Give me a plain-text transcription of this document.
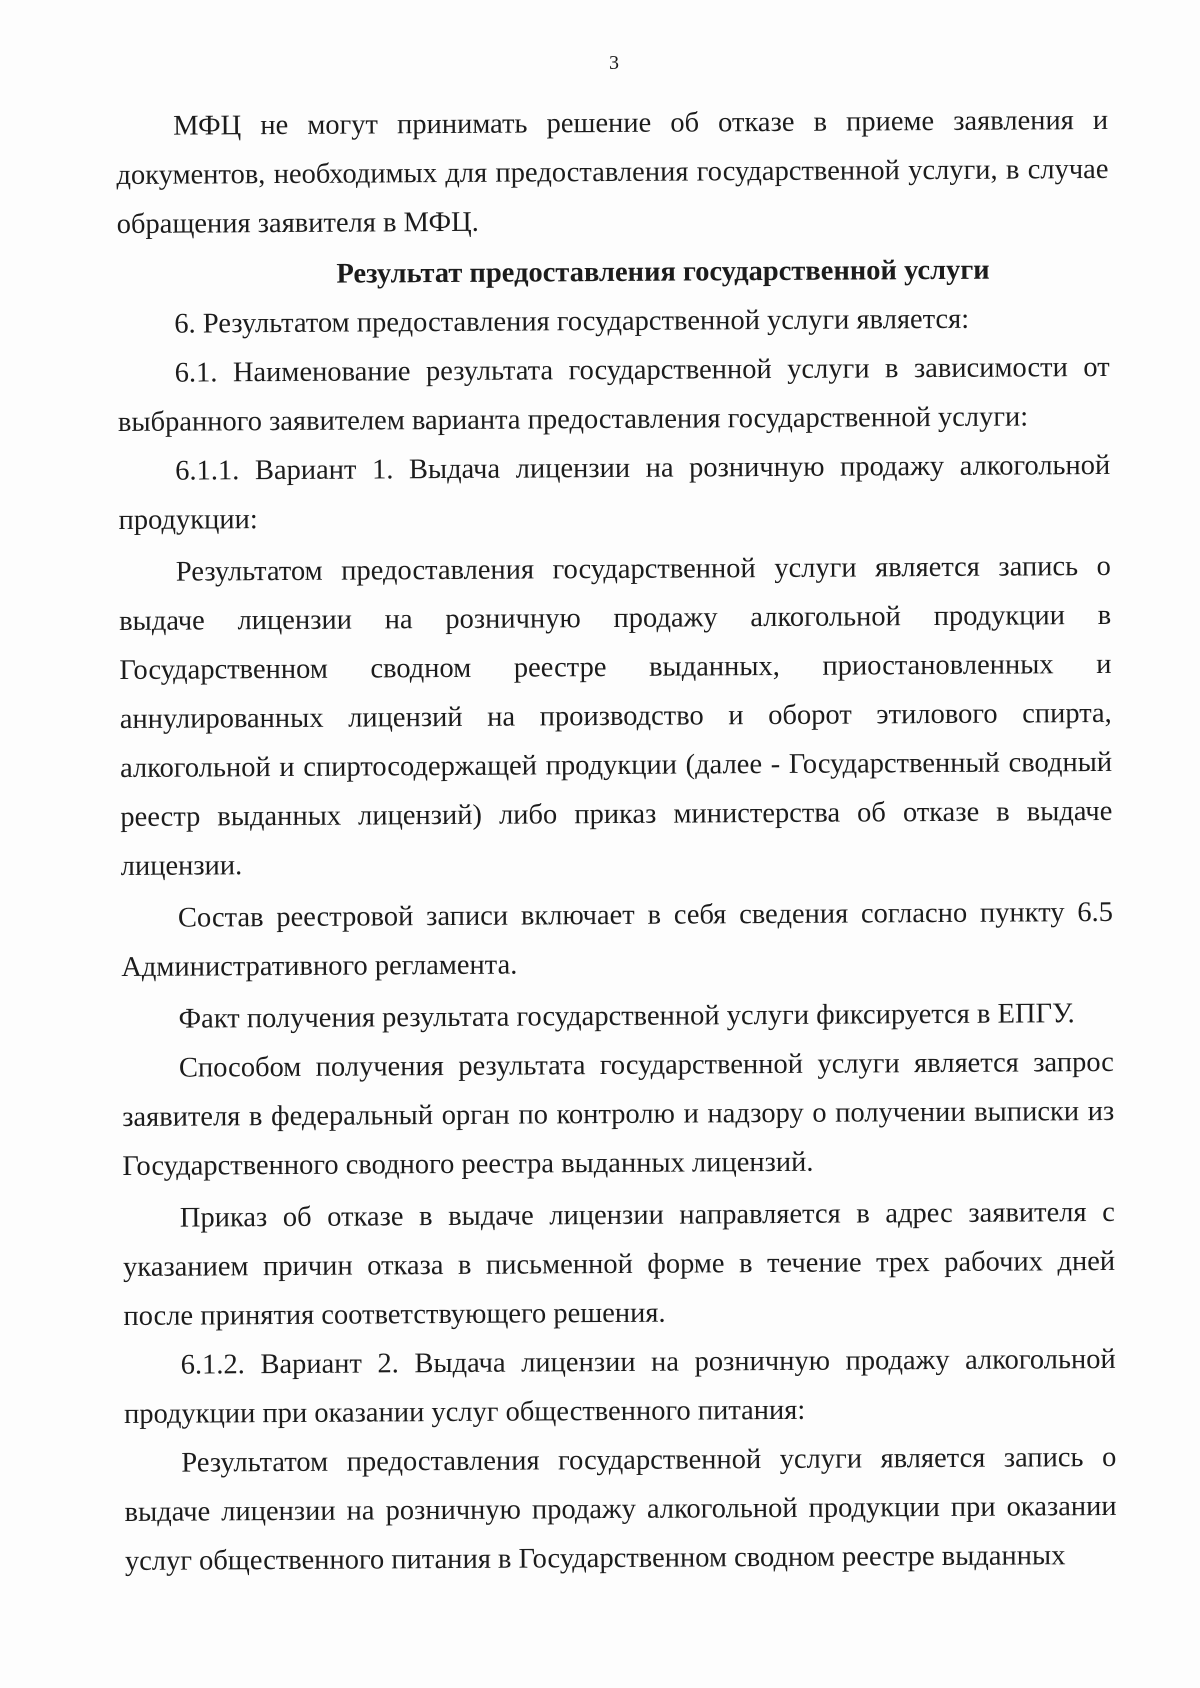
3

МФЦ не могут принимать решение об отказе в приеме заявления и документов, необходимых для предоставления государственной услуги, в случае обращения заявителя в МФЦ.

Результат предоставления государственной услуги

6. Результатом предоставления государственной услуги является:

6.1. Наименование результата государственной услуги в зависимости от выбранного заявителем варианта предоставления государственной услуги:

6.1.1. Вариант 1. Выдача лицензии на розничную продажу алкогольной продукции:

Результатом предоставления государственной услуги является запись о выдаче лицензии на розничную продажу алкогольной продукции в Государственном сводном реестре выданных, приостановленных и аннулированных лицензий на производство и оборот этилового спирта, алкогольной и спиртосодержащей продукции (далее - Государственный сводный реестр выданных лицензий) либо приказ министерства об отказе в выдаче лицензии.

Состав реестровой записи включает в себя сведения согласно пункту 6.5 Административного регламента.

Факт получения результата государственной услуги фиксируется в ЕПГУ.

Способом получения результата государственной услуги является запрос заявителя в федеральный орган по контролю и надзору о получении выписки из Государственного сводного реестра выданных лицензий.

Приказ об отказе в выдаче лицензии направляется в адрес заявителя с указанием причин отказа в письменной форме в течение трех рабочих дней после принятия соответствующего решения.

6.1.2. Вариант 2. Выдача лицензии на розничную продажу алкогольной продукции при оказании услуг общественного питания:

Результатом предоставления государственной услуги является запись о выдаче лицензии на розничную продажу алкогольной продукции при оказании услуг общественного питания в Государственном сводном реестре выданных
